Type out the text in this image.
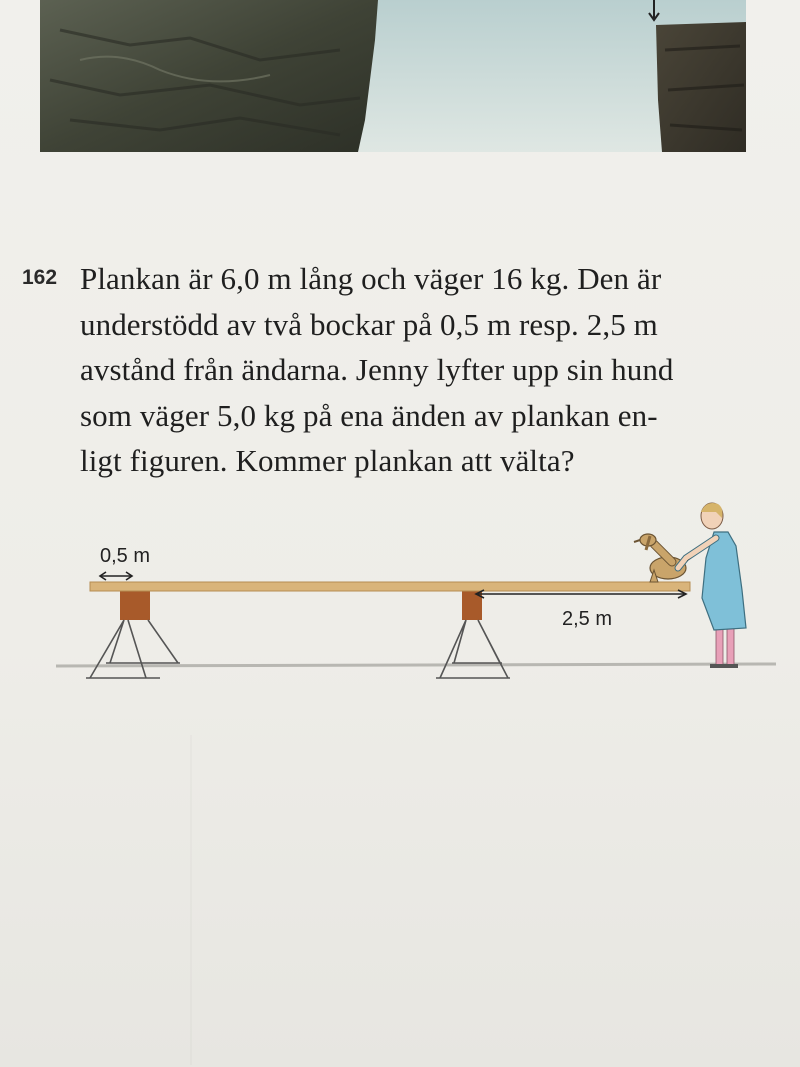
162 Plankan är 6,0 m lång och väger 16 kg. Den är
understödd av två bockar på 0,5 m resp. 2,5 m
avstånd från ändarna. Jenny lyfter upp sin hund
som väger 5,0 kg på ena änden av plankan en-
ligt figuren. Kommer plankan att välta?
0,5 m
2,5 m
